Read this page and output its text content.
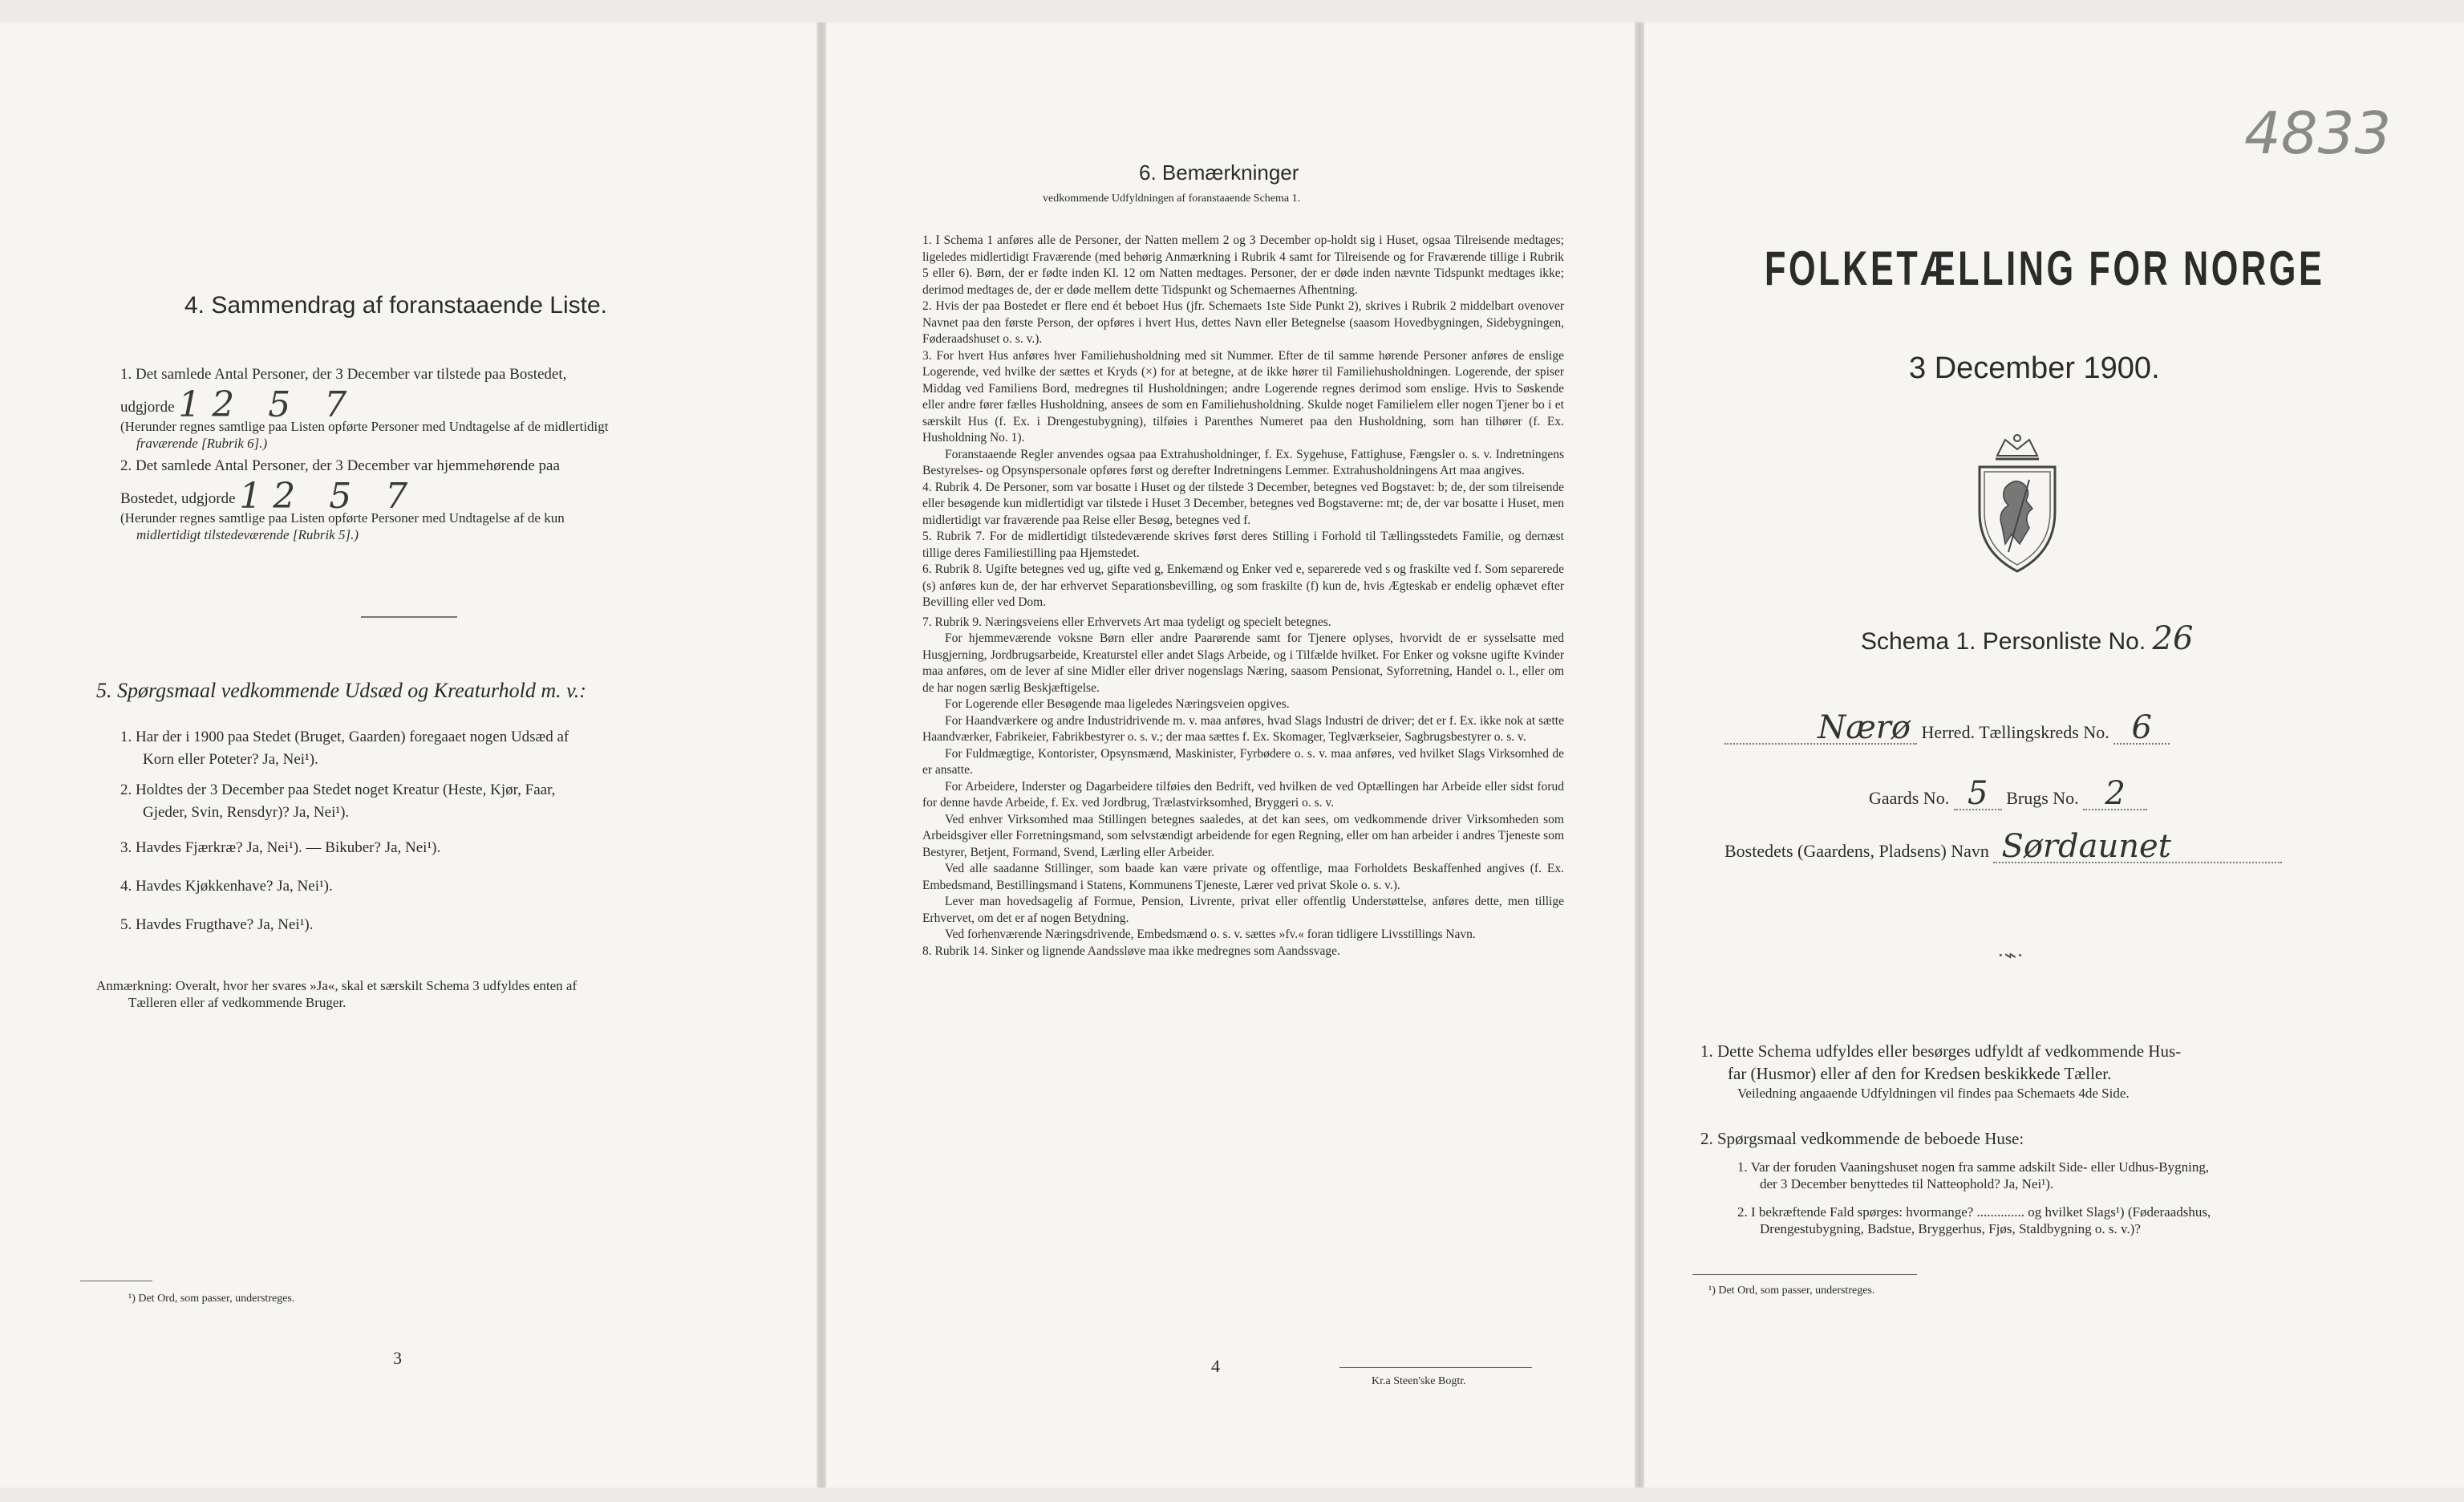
4. Sammendrag af foranstaaende Liste.
1. Det samlede Antal Personer, der 3 December var tilstede paa Bostedet,
udgjorde 12 5 7
(Herunder regnes samtlige paa Listen opførte Personer med Undtagelse af de midlertidigt
fraværende [Rubrik 6].)
2. Det samlede Antal Personer, der 3 December var hjemmehørende paa
Bostedet, udgjorde 12 5 7
(Herunder regnes samtlige paa Listen opførte Personer med Undtagelse af de kun
midlertidigt tilstedeværende [Rubrik 5].)
5. Spørgsmaal vedkommende Udsæd og Kreaturhold m. v.:
1. Har der i 1900 paa Stedet (Bruget, Gaarden) foregaaet nogen Udsæd af
Korn eller Poteter? Ja, Nei¹).
2. Holdtes der 3 December paa Stedet noget Kreatur (Heste, Kjør, Faar,
Gjeder, Svin, Rensdyr)? Ja, Nei¹).
3. Havdes Fjærkræ? Ja, Nei¹). — Bikuber? Ja, Nei¹).
4. Havdes Kjøkkenhave? Ja, Nei¹).
5. Havdes Frugthave? Ja, Nei¹).
Anmærkning: Overalt, hvor her svares »Ja«, skal et særskilt Schema 3 udfyldes enten af
Tælleren eller af vedkommende Bruger.
¹) Det Ord, som passer, understreges.
3
6. Bemærkninger
vedkommende Udfyldningen af foranstaaende Schema 1.

1. I Schema 1 anføres alle de Personer, der Natten mellem 2 og 3 December op-holdt sig i Huset, ogsaa Tilreisende medtages; ligeledes midlertidigt Fraværende (med behørig Anmærkning i Rubrik 4 samt for Tilreisende og for Fraværende tillige i Rubrik 5 eller 6). Børn, der er fødte inden Kl. 12 om Natten medtages. Personer, der er døde inden nævnte Tidspunkt medtages ikke; derimod medtages de, der er døde mellem dette Tidspunkt og Schemaernes Afhentning.

2. Hvis der paa Bostedet er flere end ét beboet Hus (jfr. Schemaets 1ste Side Punkt 2), skrives i Rubrik 2 middelbart ovenover Navnet paa den første Person, der opføres i hvert Hus, dettes Navn eller Betegnelse (saasom Hovedbygningen, Sidebygningen, Føderaadshuset o. s. v.).

3. For hvert Hus anføres hver Familiehusholdning med sit Nummer. Efter de til samme hørende Personer anføres de enslige Logerende, ved hvilke der sættes et Kryds (×) for at betegne, at de ikke hører til Familiehusholdningen. Logerende, der spiser Middag ved Familiens Bord, medregnes til Husholdningen; andre Logerende regnes derimod som enslige. Hvis to Søskende eller andre fører fælles Husholdning, ansees de som en Familiehusholdning. Skulde noget Familielem eller nogen Tjener bo i et særskilt Hus (f. Ex. i Drengestubygning), tilføies i Parenthes Numeret paa den Husholdning, som han tilhører (f. Ex. Husholdning No. 1).

Foranstaaende Regler anvendes ogsaa paa Extrahusholdninger, f. Ex. Sygehuse, Fattighuse, Fængsler o. s. v. Indretningens Bestyrelses- og Opsynspersonale opføres først og derefter Indretningens Lemmer. Extrahusholdningens Art maa angives.

4. Rubrik 4. De Personer, som var bosatte i Huset og der tilstede 3 December, betegnes ved Bogstavet: b; de, der som tilreisende eller besøgende kun midlertidigt var tilstede i Huset 3 December, betegnes ved Bogstaverne: mt; de, der var bosatte i Huset, men midlertidigt var fraværende paa Reise eller Besøg, betegnes ved f.

5. Rubrik 7. For de midlertidigt tilstedeværende skrives først deres Stilling i Forhold til Tællingsstedets Familie, og dernæst tillige deres Familiestilling paa Hjemstedet.

6. Rubrik 8. Ugifte betegnes ved ug, gifte ved g, Enkemænd og Enker ved e, separerede ved s og fraskilte ved f. Som separerede (s) anføres kun de, der har erhvervet Separationsbevilling, og som fraskilte (f) kun de, hvis Ægteskab er endelig ophævet efter Bevilling eller ved Dom.

7. Rubrik 9. Næringsveiens eller Erhvervets Art maa tydeligt og specielt betegnes.

For hjemmeværende voksne Børn eller andre Paarørende samt for Tjenere oplyses, hvorvidt de er sysselsatte med Husgjerning, Jordbrugsarbeide, Kreaturstel eller andet Slags Arbeide, og i Tilfælde hvilket. For Enker og voksne ugifte Kvinder maa anføres, om de lever af sine Midler eller driver nogenslags Næring, saasom Pensionat, Syforretning, Handel o. l., eller om de har nogen særlig Beskjæftigelse.

For Logerende eller Besøgende maa ligeledes Næringsveien opgives.

For Haandværkere og andre Industridrivende m. v. maa anføres, hvad Slags Industri de driver; det er f. Ex. ikke nok at sætte Haandværker, Fabrikeier, Fabrikbestyrer o. s. v.; der maa sættes f. Ex. Skomager, Teglværkseier, Sagbrugsbestyrer o. s. v.

For Fuldmægtige, Kontorister, Opsynsmænd, Maskinister, Fyrbødere o. s. v. maa anføres, ved hvilket Slags Virksomhed de er ansatte.

For Arbeidere, Inderster og Dagarbeidere tilføies den Bedrift, ved hvilken de ved Optællingen har Arbeide eller sidst forud for denne havde Arbeide, f. Ex. ved Jordbrug, Trælastvirksomhed, Bryggeri o. s. v.

Ved enhver Virksomhed maa Stillingen betegnes saaledes, at det kan sees, om vedkommende driver Virksomheden som Arbeidsgiver eller Forretningsmand, som selvstændigt arbeidende for egen Regning, eller om han arbeider i andres Tjeneste som Bestyrer, Betjent, Formand, Svend, Lærling eller Arbeider.

Ved alle saadanne Stillinger, som baade kan være private og offentlige, maa Forholdets Beskaffenhed angives (f. Ex. Embedsmand, Bestillingsmand i Statens, Kommunens Tjeneste, Lærer ved privat Skole o. s. v.).

Lever man hovedsagelig af Formue, Pension, Livrente, privat eller offentlig Understøttelse, anføres dette, men tillige Erhvervet, om det er af nogen Betydning.

Ved forhenværende Næringsdrivende, Embedsmænd o. s. v. sættes »fv.« foran tidligere Livsstillings Navn.

8. Rubrik 14. Sinker og lignende Aandssløve maa ikke medregnes som Aandssvage.

4
Kr.a Steen'ske Bogtr.
4833
FOLKETÆLLING FOR NORGE
3 December 1900.
Schema 1. Personliste No. 26
Nærø Herred. Tællingskreds No. 6
Gaards No. 5 Brugs No. 2
Bostedets (Gaardens, Pladsens) Navn Sørdaunet
·⌁·
1. Dette Schema udfyldes eller besørges udfyldt af vedkommende Hus-
far (Husmor) eller af den for Kredsen beskikkede Tæller.
Veiledning angaaende Udfyldningen vil findes paa Schemaets 4de Side.
2. Spørgsmaal vedkommende de beboede Huse:
1. Var der foruden Vaaningshuset nogen fra samme adskilt Side- eller Udhus-Bygning,
der 3 December benyttedes til Natteophold? Ja, Nei¹).
2. I bekræftende Fald spørges: hvormange? .............. og hvilket Slags¹) (Føderaadshus,
Drengestubygning, Badstue, Bryggerhus, Fjøs, Staldbygning o. s. v.)?
¹) Det Ord, som passer, understreges.
